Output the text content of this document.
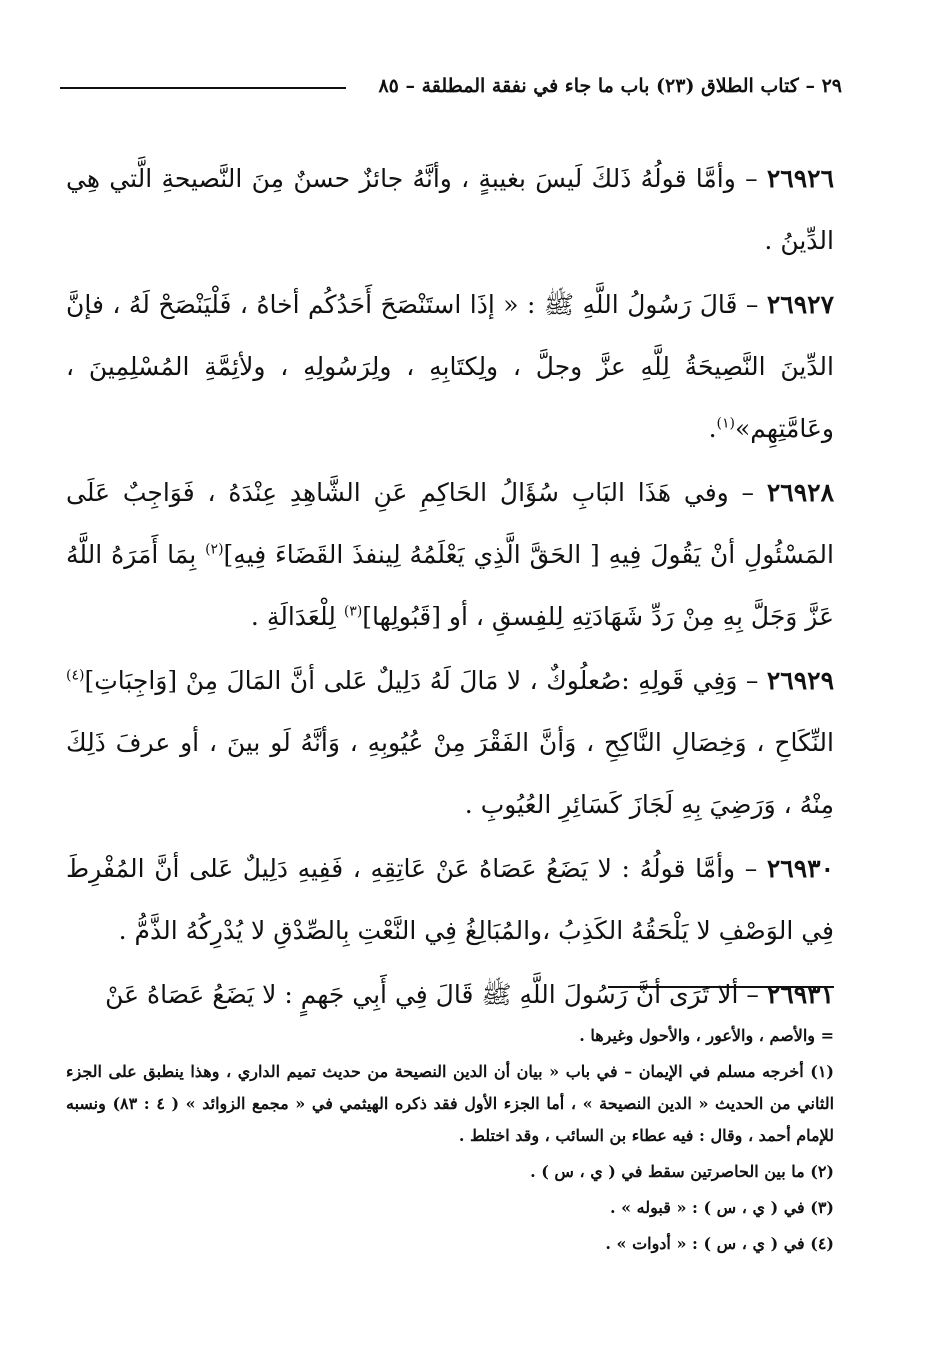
٢٩ – كتاب الطلاق (٢٣) باب ما جاء في نفقة المطلقة – ٨٥

٢٦٩٢٦ – وأمَّا قولُهُ ذَلكَ لَيسَ بغيبةٍ ، وأنَّهُ جائزٌ حسنٌ مِنَ النَّصيحةِ الَّتي هِي الدِّينُ .

٢٦٩٢٧ – قَالَ رَسُولُ اللَّهِ ﷺ : « إذَا استَنْصَحَ أَحَدُكُم أخاهُ ، فَلْيَنْصَحْ لَهُ ، فإنَّ الدِّينَ النَّصِيحَةُ لِلَّهِ عزَّ وجلَّ ، ولِكتَابِهِ ، ولِرَسُولِهِ ، ولأئِمَّةِ المُسْلِمِينَ ، وعَامَّتِهِم»$^{(١)}$.

٢٦٩٢٨ – وفي هَذَا البَابِ سُؤَالُ الحَاكِمِ عَنِ الشَّاهِدِ عِنْدَهُ ، فَوَاجِبٌ عَلَى المَسْئُولِ أنْ يَقُولَ فِيهِ [ الحَقَّ الَّذِي يَعْلَمُهُ لِينفذَ القَضَاءَ فِيهِ]$^{(٢)}$ بِمَا أَمَرَهُ اللَّهُ عَزَّ وَجَلَّ بِهِ مِنْ رَدِّ شَهَادَتِهِ لِلفِسقِ ، أو [قَبُولِها]$^{(٣)}$ لِلْعَدَالَةِ .

٢٦٩٢٩ – وَفِي قَولِهِ :صُعلُوكٌ ، لا مَالَ لَهُ دَلِيلٌ عَلى أنَّ المَالَ مِنْ [وَاجِبَاتِ]$^{(٤)}$ النِّكَاحِ ، وَخِصَالِ النَّاكِحِ ، وَأنَّ الفَقْرَ مِنْ عُيُوبِهِ ، وَأنَّهُ لَو بينَ ، أو عرفَ ذَلِكَ مِنْهُ ، وَرَضِيَ بِهِ لَجَازَ كَسَائِرِ العُيُوبِ .

٢٦٩٣٠ – وأمَّا قولُهُ : لا يَضَعُ عَصَاهُ عَنْ عَاتِقِهِ ، فَفِيهِ دَلِيلٌ عَلى أنَّ المُفْرِطَ فِي الوَصْفِ لا يَلْحَقُهُ الكَذِبُ ،والمُبَالِغُ فِي النَّعْتِ بِالصِّدْقِ لا يُدْرِكُهُ الذَّمُّ .

٢٦٩٣١ – ألا تَرَى أنَّ رَسُولَ اللَّهِ ﷺ قَالَ فِي أَبِي جَهمٍ : لا يَضَعُ عَصَاهُ عَنْ

= والأصم ، والأعور ، والأحول وغيرها .

(١) أخرجه مسلم في الإيمان – في باب « بيان أن الدين النصيحة من حديث تميم الداري ، وهذا ينطبق على الجزء الثاني من الحديث « الدين النصيحة » ، أما الجزء الأول فقد ذكره الهيثمي في « مجمع الزوائد » ( ٤ : ٨٣) ونسبه للإمام أحمد ، وقال : فيه عطاء بن السائب ، وقد اختلط .

(٢) ما بين الحاصرتين سقط في ( ي ، س ) .

(٣) في ( ي ، س ) : « قبوله » .

(٤) في ( ي ، س ) : « أدوات » .
